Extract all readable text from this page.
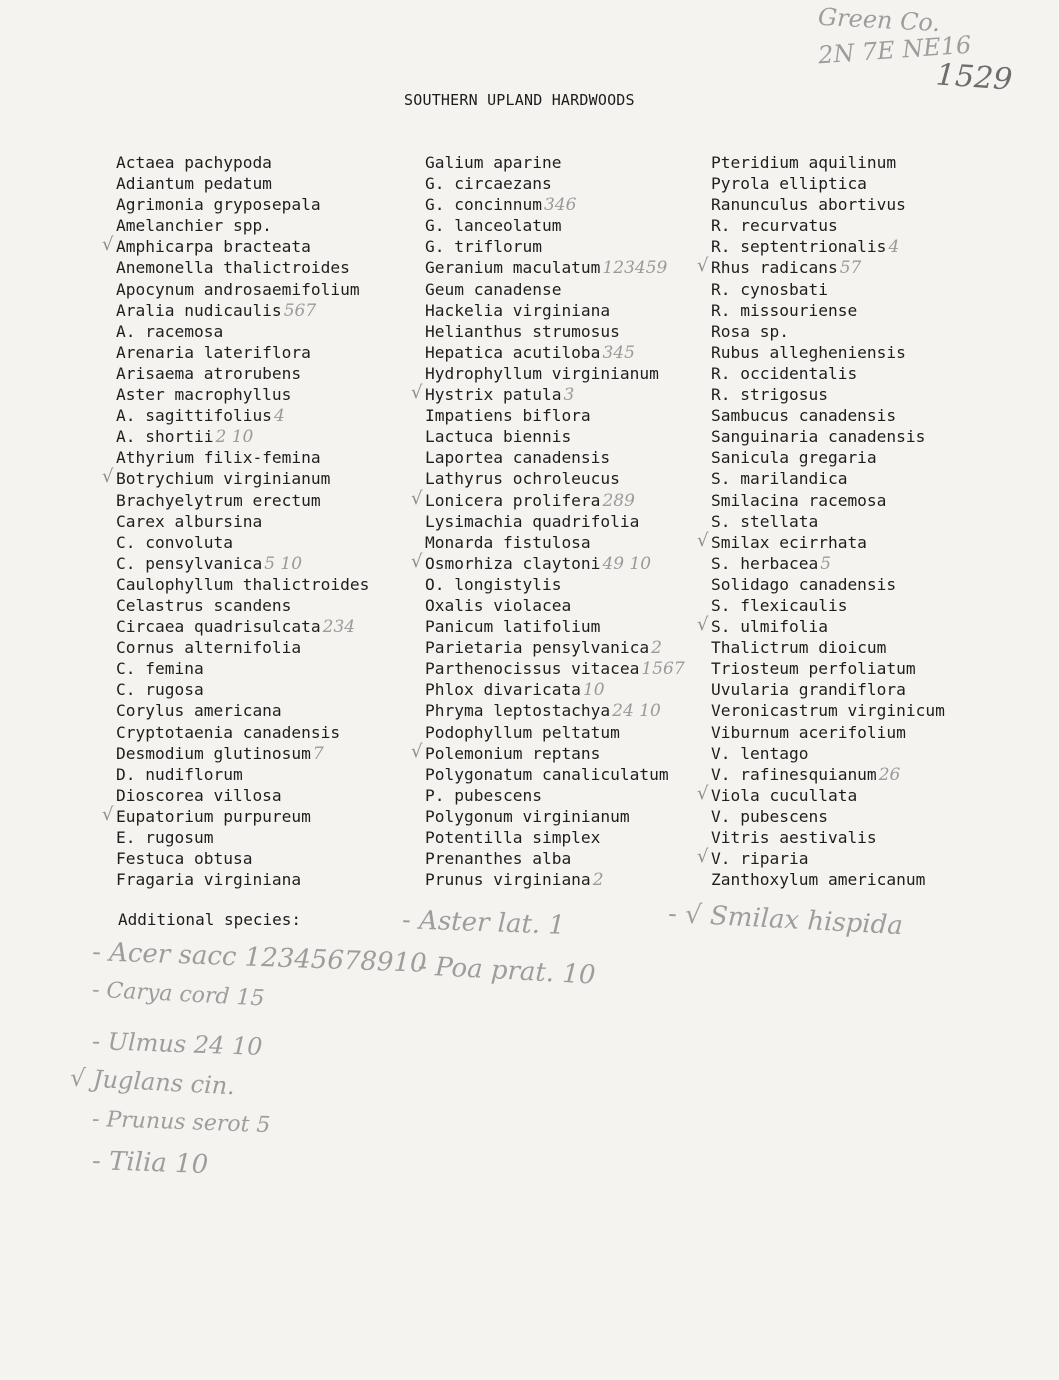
Green Co.
2N 7E NE16
1529
SOUTHERN UPLAND HARDWOODS
Actaea pachypoda
Adiantum pedatum
Agrimonia gryposepala
Amelanchier spp.
√ Amphicarpa bracteata
Anemonella thalictroides
Apocynum androsaemifolium
Aralia nudicaulis 567
A. racemosa
Arenaria lateriflora
Arisaema atrorubens
Aster macrophyllus
A. sagittifolius 4
A. shortii 2 10
Athyrium filix-femina
√ Botrychium virginianum
Brachyelytrum erectum
Carex albursina
C. convoluta
C. pensylvanica 5 10
Caulophyllum thalictroides
Celastrus scandens
Circaea quadrisulcata 234
Cornus alternifolia
C. femina
C. rugosa
Corylus americana
Cryptotaenia canadensis
Desmodium glutinosum 7
D. nudiflorum
Dioscorea villosa
√ Eupatorium purpureum
E. rugosum
Festuca obtusa
Fragaria virginiana
Galium aparine
G. circaezans
G. concinnum 346
G. lanceolatum
G. triflorum
Geranium maculatum 123459
Geum canadense
Hackelia virginiana
Helianthus strumosus
Hepatica acutiloba 345
Hydrophyllum virginianum
√ Hystrix patula 3
Impatiens biflora
Lactuca biennis
Laportea canadensis
Lathyrus ochroleucus
√ Lonicera prolifera 289
Lysimachia quadrifolia
Monarda fistulosa
√ Osmorhiza claytoni 49 10
O. longistylis
Oxalis violacea
Panicum latifolium
Parietaria pensylvanica 2
Parthenocissus vitacea 1567
Phlox divaricata 10
Phryma leptostachya 24 10
Podophyllum peltatum
√ Polemonium reptans
Polygonatum canaliculatum
P. pubescens
Polygonum virginianum
Potentilla simplex
Prenanthes alba
Prunus virginiana 2
Pteridium aquilinum
Pyrola elliptica
Ranunculus abortivus
R. recurvatus
R. septentrionalis 4
√ Rhus radicans 57
R. cynosbati
R. missouriense
Rosa sp.
Rubus allegheniensis
R. occidentalis
R. strigosus
Sambucus canadensis
Sanguinaria canadensis
Sanicula gregaria
S. marilandica
Smilacina racemosa
S. stellata
√ Smilax ecirrhata
S. herbacea 5
Solidago canadensis
S. flexicaulis
√ S. ulmifolia
Thalictrum dioicum
Triosteum perfoliatum
Uvularia grandiflora
Veronicastrum virginicum
Viburnum acerifolium
V. lentago
V. rafinesquianum 26
√ Viola cucullata
V. pubescens
Vitris aestivalis
√ V. riparia
Zanthoxylum americanum
Additional species:
- Acer sacc 12345678910
- Carya cord 15
- Ulmus 24 10
√ Juglans cin.
- Prunus serot 5
- Tilia 10
- Aster lat. 1
- Poa prat. 10
- √ Smilax hispida
